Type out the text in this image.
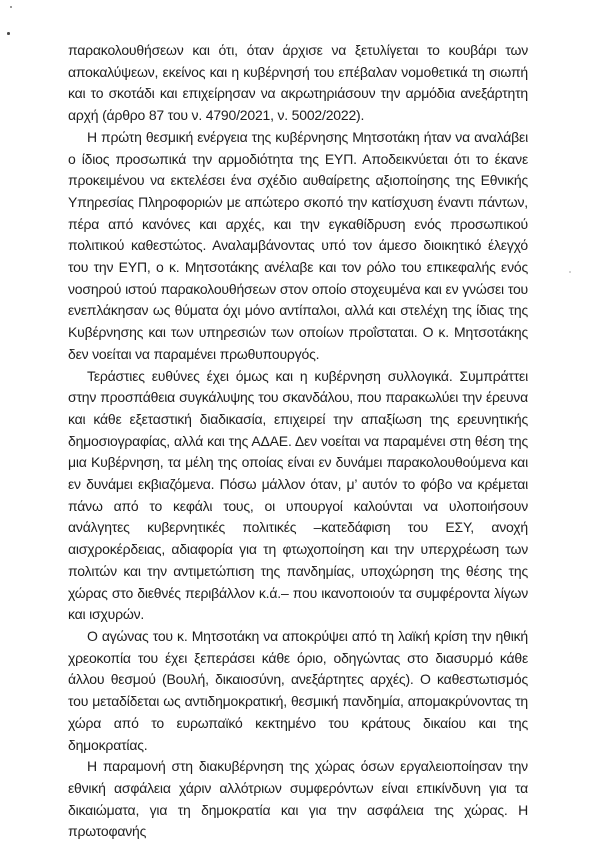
παρακολουθήσεων και ότι, όταν άρχισε να ξετυλίγεται το κουβάρι των αποκαλύψεων, εκείνος και η κυβέρνησή του επέβαλαν νομοθετικά τη σιωπή και το σκοτάδι και επιχείρησαν να ακρωτηριάσουν την αρμόδια ανεξάρτητη αρχή (άρθρο 87 του ν. 4790/2021, ν. 5002/2022).

Η πρώτη θεσμική ενέργεια της κυβέρνησης Μητσοτάκη ήταν να αναλάβει ο ίδιος προσωπικά την αρμοδιότητα της ΕΥΠ. Αποδεικνύεται ότι το έκανε προκειμένου να εκτελέσει ένα σχέδιο αυθαίρετης αξιοποίησης της Εθνικής Υπηρεσίας Πληροφοριών με απώτερο σκοπό την κατίσχυση έναντι πάντων, πέρα από κανόνες και αρχές, και την εγκαθίδρυση ενός προσωπικού πολιτικού καθεστώτος. Αναλαμβάνοντας υπό τον άμεσο διοικητικό έλεγχό του την ΕΥΠ, ο κ. Μητσοτάκης ανέλαβε και τον ρόλο του επικεφαλής ενός νοσηρού ιστού παρακολουθήσεων στον οποίο στοχευμένα και εν γνώσει του ενεπλάκησαν ως θύματα όχι μόνο αντίπαλοι, αλλά και στελέχη της ίδιας της Κυβέρνησης και των υπηρεσιών των οποίων προΐσταται. Ο κ. Μητσοτάκης δεν νοείται να παραμένει πρωθυπουργός.

Τεράστιες ευθύνες έχει όμως και η κυβέρνηση συλλογικά. Συμπράττει στην προσπάθεια συγκάλυψης του σκανδάλου, που παρακωλύει την έρευνα και κάθε εξεταστική διαδικασία, επιχειρεί την απαξίωση της ερευνητικής δημοσιογραφίας, αλλά και της ΑΔΑΕ. Δεν νοείται να παραμένει στη θέση της μια Κυβέρνηση, τα μέλη της οποίας είναι εν δυνάμει παρακολουθούμενα και εν δυνάμει εκβιαζόμενα. Πόσω μάλλον όταν, μ’ αυτόν το φόβο να κρέμεται πάνω από το κεφάλι τους, οι υπουργοί καλούνται να υλοποιήσουν ανάλγητες κυβερνητικές πολιτικές –κατεδάφιση του ΕΣΥ, ανοχή αισχροκέρδειας, αδιαφορία για τη φτωχοποίηση και την υπερχρέωση των πολιτών και την αντιμετώπιση της πανδημίας, υποχώρηση της θέσης της χώρας στο διεθνές περιβάλλον κ.ά.– που ικανοποιούν τα συμφέροντα λίγων και ισχυρών.

Ο αγώνας του κ. Μητσοτάκη να αποκρύψει από τη λαϊκή κρίση την ηθική χρεοκοπία του έχει ξεπεράσει κάθε όριο, οδηγώντας στο διασυρμό κάθε άλλου θεσμού (Βουλή, δικαιοσύνη, ανεξάρτητες αρχές). Ο καθεστωτισμός του μεταδίδεται ως αντιδημοκρατική, θεσμική πανδημία, απομακρύνοντας τη χώρα από το ευρωπαϊκό κεκτημένο του κράτους δικαίου και της δημοκρατίας.

Η παραμονή στη διακυβέρνηση της χώρας όσων εργαλειοποίησαν την εθνική ασφάλεια χάριν αλλότριων συμφερόντων είναι επικίνδυνη για τα δικαιώματα, για τη δημοκρατία και για την ασφάλεια της χώρας. Η πρωτοφανής
